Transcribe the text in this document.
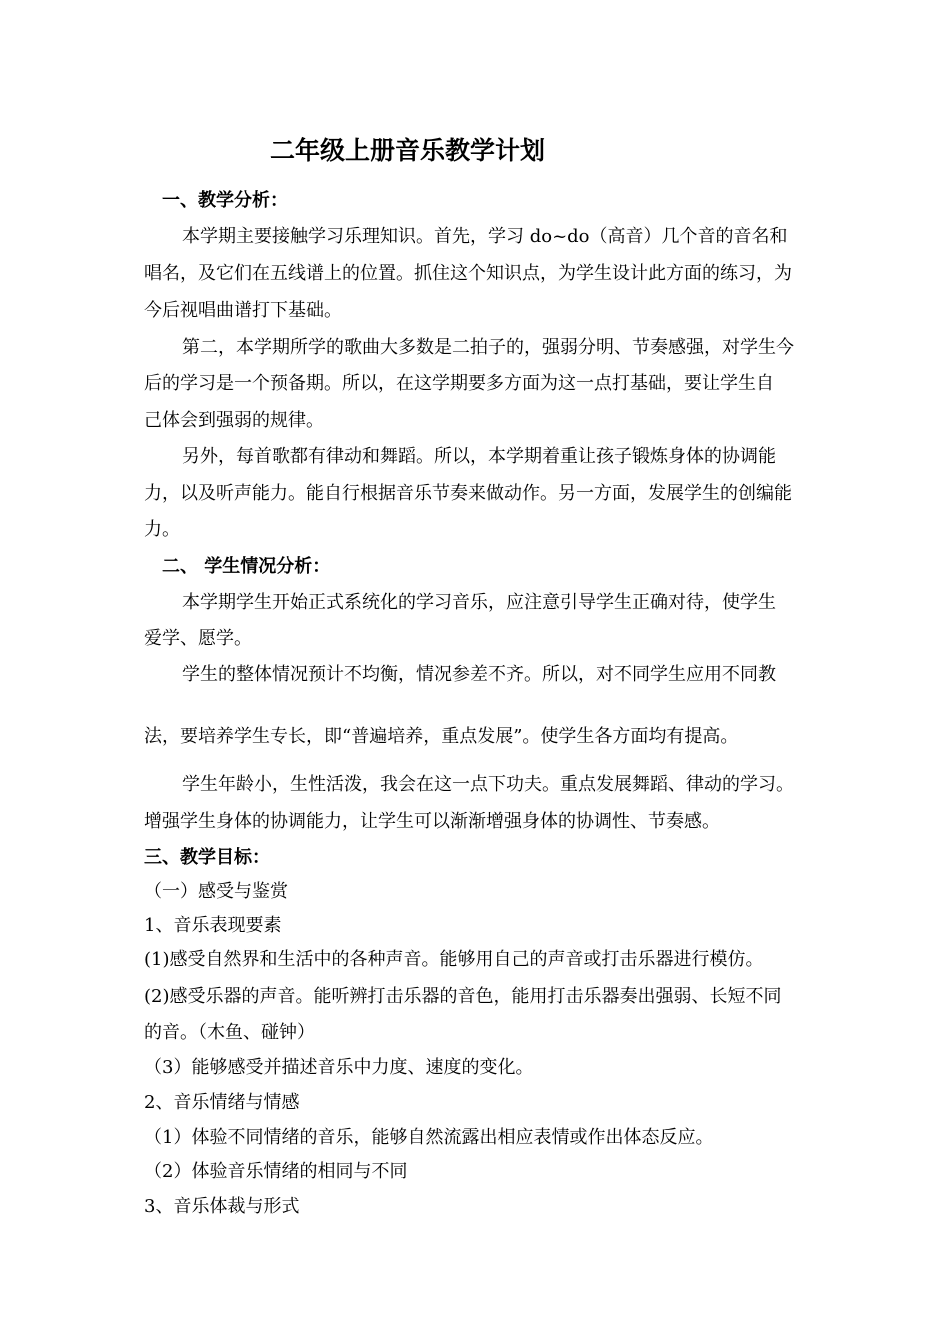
二年级上册音乐教学计划
一、教学分析：
本学期主要接触学习乐理知识。首先，学习 do~do（高音）几个音的音名和
唱名，及它们在五线谱上的位置。抓住这个知识点，为学生设计此方面的练习，为
今后视唱曲谱打下基础。
第二，本学期所学的歌曲大多数是二拍子的，强弱分明、节奏感强，对学生今
后的学习是一个预备期。所以，在这学期要多方面为这一点打基础，要让学生自
己体会到强弱的规律。
另外，每首歌都有律动和舞蹈。所以，本学期着重让孩子锻炼身体的协调能
力，以及听声能力。能自行根据音乐节奏来做动作。另一方面，发展学生的创编能
力。
二、 学生情况分析：
本学期学生开始正式系统化的学习音乐，应注意引导学生正确对待，使学生
爱学、愿学。
学生的整体情况预计不均衡，情况参差不齐。所以，对不同学生应用不同教
法，要培养学生专长，即“普遍培养，重点发展”。使学生各方面均有提高。
学生年龄小，生性活泼，我会在这一点下功夫。重点发展舞蹈、律动的学习。
增强学生身体的协调能力，让学生可以渐渐增强身体的协调性、节奏感。
三、教学目标：
（一）感受与鉴赏
1、音乐表现要素
(1)感受自然界和生活中的各种声音。能够用自己的声音或打击乐器进行模仿。
(2)感受乐器的声音。能听辨打击乐器的音色，能用打击乐器奏出强弱、长短不同
的音。（木鱼、碰钟）
（3）能够感受并描述音乐中力度、速度的变化。
2、音乐情绪与情感
（1）体验不同情绪的音乐，能够自然流露出相应表情或作出体态反应。
（2）体验音乐情绪的相同与不同
3、音乐体裁与形式
